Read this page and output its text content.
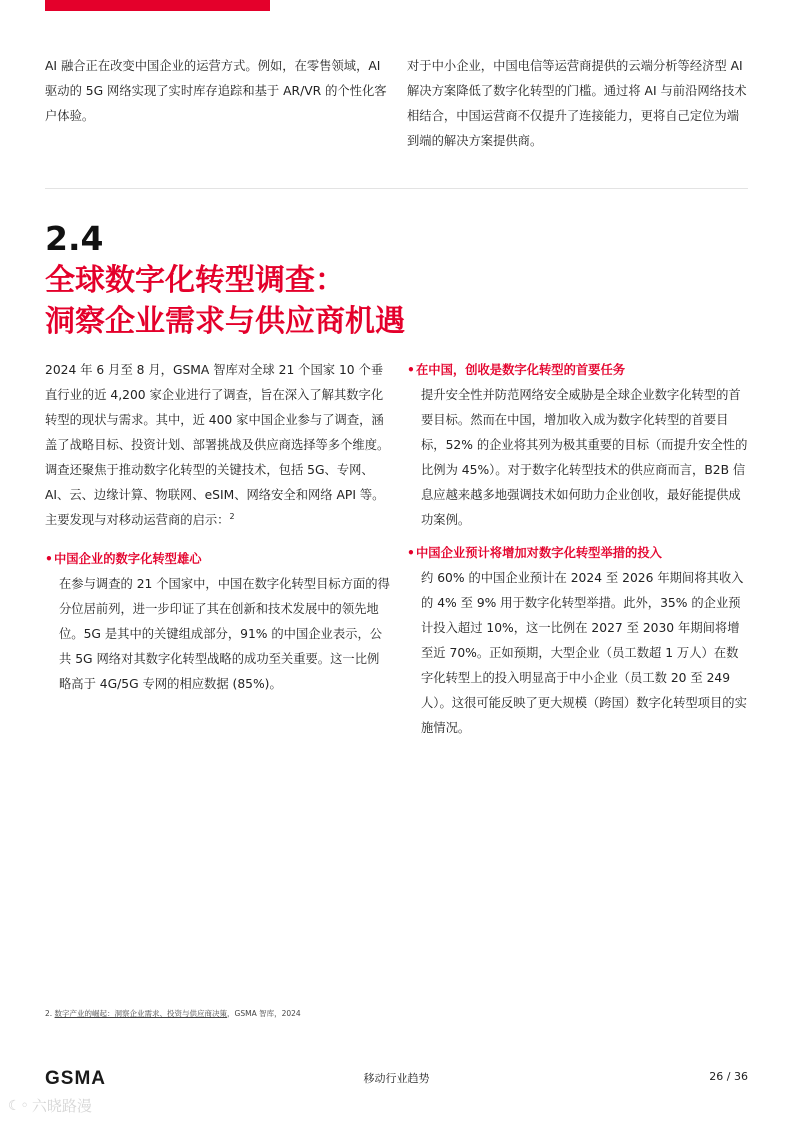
AI 融合正在改变中国企业的运营方式。例如，在零售领域，AI 驱动的 5G 网络实现了实时库存追踪和基于 AR/VR 的个性化客户体验。
对于中小企业，中国电信等运营商提供的云端分析等经济型 AI 解决方案降低了数字化转型的门槛。通过将 AI 与前沿网络技术相结合，中国运营商不仅提升了连接能力，更将自己定位为端到端的解决方案提供商。
2.4
全球数字化转型调查：
洞察企业需求与供应商机遇

2024 年 6 月至 8 月，GSMA 智库对全球 21 个国家 10 个垂直行业的近 4,200 家企业进行了调查，旨在深入了解其数字化转型的现状与需求。其中，近 400 家中国企业参与了调查，涵盖了战略目标、投资计划、部署挑战及供应商选择等多个维度。调查还聚焦于推动数字化转型的关键技术，包括 5G、专网、AI、云、边缘计算、物联网、eSIM、网络安全和网络 API 等。主要发现与对移动运营商的启示：$^2$

• 中国企业的数字化转型雄心

在参与调查的 21 个国家中，中国在数字化转型目标方面的得分位居前列，进一步印证了其在创新和技术发展中的领先地位。5G 是其中的关键组成部分，91% 的中国企业表示，公共 5G 网络对其数字化转型战略的成功至关重要。这一比例略高于 4G/5G 专网的相应数据 (85%)。

• 在中国，创收是数字化转型的首要任务

提升安全性并防范网络安全威胁是全球企业数字化转型的首要目标。然而在中国，增加收入成为数字化转型的首要目标，52% 的企业将其列为极其重要的目标（而提升安全性的比例为 45%）。对于数字化转型技术的供应商而言，B2B 信息应越来越多地强调技术如何助力企业创收，最好能提供成功案例。

• 中国企业预计将增加对数字化转型举措的投入

约 60% 的中国企业预计在 2024 至 2026 年期间将其收入的 4% 至 9% 用于数字化转型举措。此外，35% 的企业预计投入超过 10%，这一比例在 2027 至 2030 年期间将增至近 70%。正如预期，大型企业（员工数超 1 万人）在数字化转型上的投入明显高于中小企业（员工数 20 至 249 人）。这很可能反映了更大规模（跨国）数字化转型项目的实施情况。

2. 数字产业的崛起：洞察企业需求、投资与供应商决策，GSMA 智库，2024
GSMA	移动行业趋势	26 / 36
☾◦ 六晓路漫
